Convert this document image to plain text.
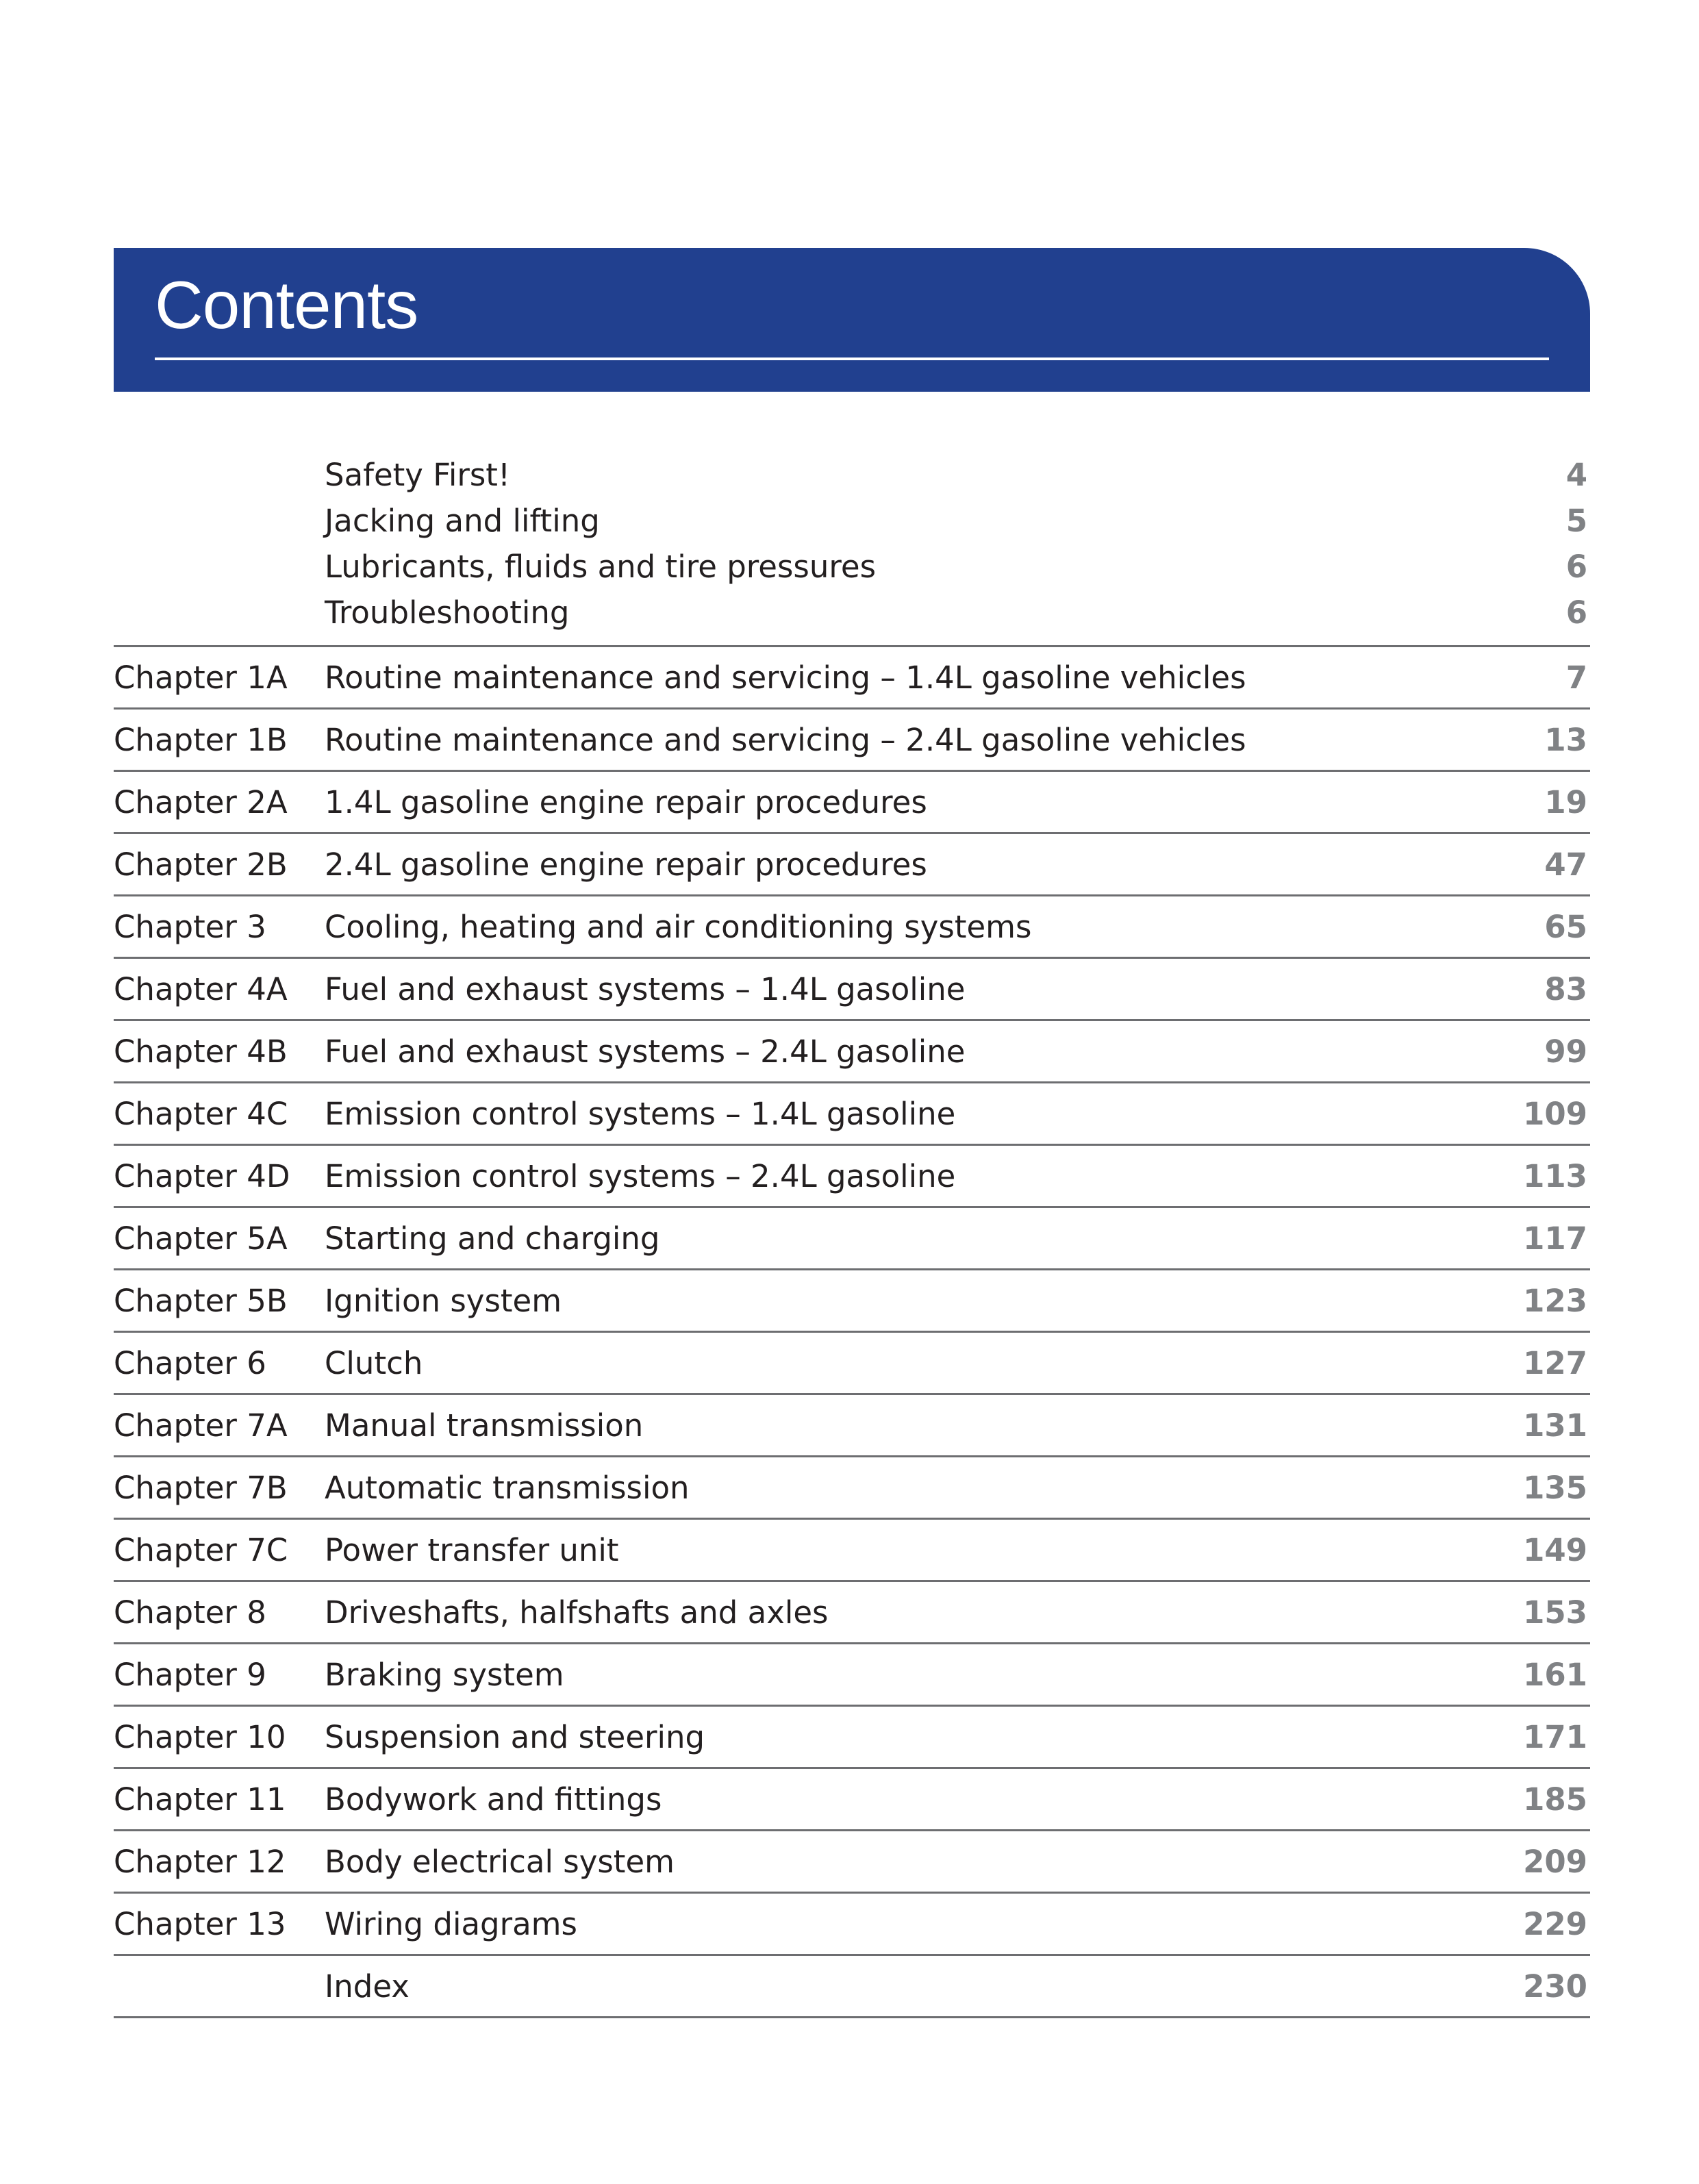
Contents
Safety First!	4
Jacking and lifting	5
Lubricants, fluids and tire pressures	6
Troubleshooting	6
Chapter 1A Routine maintenance and servicing – 1.4L gasoline vehicles	7
Chapter 1B Routine maintenance and servicing – 2.4L gasoline vehicles	13
Chapter 2A 1.4L gasoline engine repair procedures	19
Chapter 2B 2.4L gasoline engine repair procedures	47
Chapter 3 Cooling, heating and air conditioning systems	65
Chapter 4A Fuel and exhaust systems – 1.4L gasoline	83
Chapter 4B Fuel and exhaust systems – 2.4L gasoline	99
Chapter 4C Emission control systems – 1.4L gasoline	109
Chapter 4D Emission control systems – 2.4L gasoline	113
Chapter 5A Starting and charging	117
Chapter 5B Ignition system	123
Chapter 6 Clutch	127
Chapter 7A Manual transmission	131
Chapter 7B Automatic transmission	135
Chapter 7C Power transfer unit	149
Chapter 8 Driveshafts, halfshafts and axles	153
Chapter 9 Braking system	161
Chapter 10 Suspension and steering	171
Chapter 11 Bodywork and fittings	185
Chapter 12 Body electrical system	209
Chapter 13 Wiring diagrams	229
Index	230
